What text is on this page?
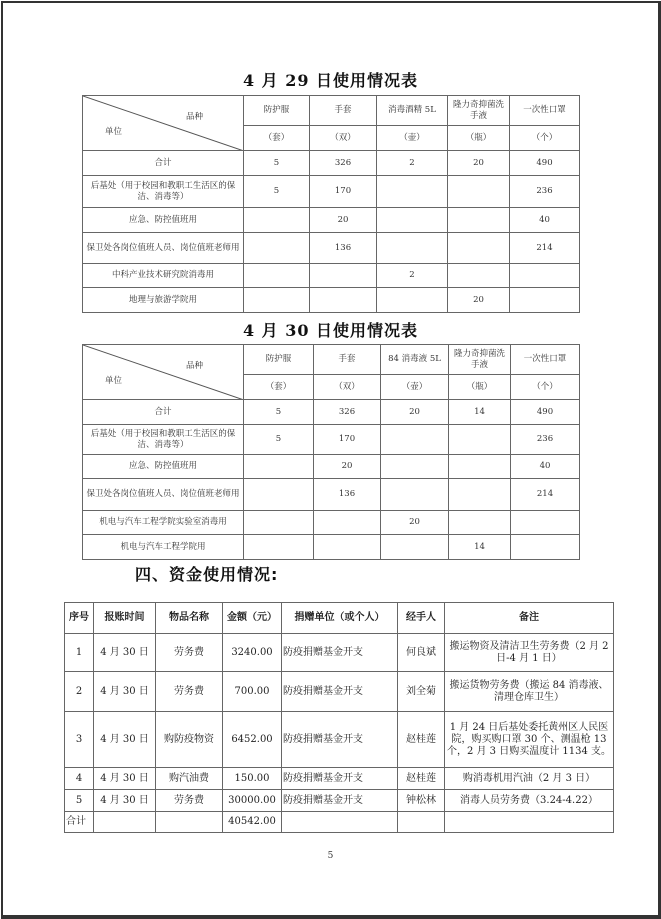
4 月 29 日使用情况表
品种
单位	防护服	手套	消毒酒精 5L	隆力奇抑菌洗手液	一次性口罩
	（套）	（双）	（壶）	（瓶）	（个）
合计	5	326	2	20	490
后基处（用于校园和教职工生活区的保洁、消毒等）	5	170			236
应急、防控值班用		20			40
保卫处各岗位值班人员、岗位值班老师用		136			214
中科产业技术研究院消毒用			2		
地理与旅游学院用				20	
4 月 30 日使用情况表
品种
单位	防护服	手套	84 消毒液 5L	隆力奇抑菌洗手液	一次性口罩
	（套）	（双）	（壶）	（瓶）	（个）
合计	5	326	20	14	490
后基处（用于校园和教职工生活区的保洁、消毒等）	5	170			236
应急、防控值班用		20			40
保卫处各岗位值班人员、岗位值班老师用		136			214
机电与汽车工程学院实验室消毒用			20		
机电与汽车工程学院用				14	
四、资金使用情况:
序号	报账时间	物品名称	金额（元）	捐赠单位（或个人）	经手人	备注
1	4 月 30 日	劳务费	3240.00	防疫捐赠基金开支	何良斌	搬运物资及清洁卫生劳务费（2 月 2 日-4 月 1 日）
2	4 月 30 日	劳务费	700.00	防疫捐赠基金开支	刘全菊	搬运货物劳务费（搬运 84 消毒液、清理仓库卫生）
3	4 月 30 日	购防疫物资	6452.00	防疫捐赠基金开支	赵桂莲	1 月 24 日后基处委托黄州区人民医院，购买购口罩 30 个、测温枪 13 个，2 月 3 日购买温度计 1134 支。
4	4 月 30 日	购汽油费	150.00	防疫捐赠基金开支	赵桂莲	购消毒机用汽油（2 月 3 日）
5	4 月 30 日	劳务费	30000.00	防疫捐赠基金开支	钟松林	消毒人员劳务费（3.24-4.22）
合计			40542.00			
5
